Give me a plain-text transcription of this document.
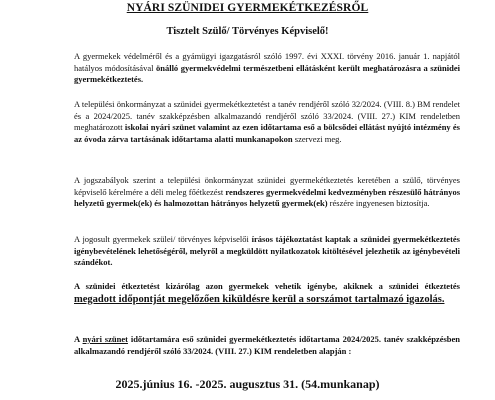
NYÁRI SZÜNIDEI GYERMEKÉTKEZÉSRŐL
Tisztelt Szülő/ Törvényes Képviselő!
A gyermekek védelméről és a gyámügyi igazgatásról szóló 1997. évi XXXI. törvény 2016. január 1. napjától hatályos módosításával önálló gyermekvédelmi természetbeni ellátásként került meghatározásra a szünidei gyermekétkeztetés.
A települési önkormányzat a szünidei gyermekétkeztetést a tanév rendjéről szóló 32/2024. (VIII. 8.) BM rendelet és a 2024/2025. tanév szakképzésben alkalmazandó rendjéről szóló 33/2024. (VIII. 27.) KIM rendeletben meghatározott iskolai nyári szünet valamint az ezen időtartama eső a bölcsődei ellátást nyújtó intézmény és az óvoda zárva tartásának időtartama alatti munkanapokon szervezi meg.
A jogszabályok szerint a települési önkormányzat szünidei gyermekétkeztetés keretében a szülő, törvényes képviselő kérelmére a déli meleg főétkezést rendszeres gyermekvédelmi kedvezményben részesülő hátrányos helyzetű gyermek(ek) és halmozottan hátrányos helyzetű gyermek(ek) részére ingyenesen biztosítja.
A jogosult gyermekek szülei/ törvényes képviselői írásos tájékoztatást kaptak a szünidei gyermekétkeztetés igénybevételének lehetőségéről, melyről a megküldött nyilatkozatok kitöltésével jelezhetik az igénybevételi szándékot.
A szünidei étkeztetést kizárólag azon gyermekek vehetik igénybe, akiknek a szünidei étkeztetés megadott időpontját megelőzően kiküldésre kerül a sorszámot tartalmazó igazolás.
A nyári szünet időtartamára eső szünidei gyermekétkeztetés időtartama 2024/2025. tanév szakképzésben alkalmazandó rendjéről szóló 33/2024. (VIII. 27.) KIM rendeletben alapján :
2025.június 16. -2025. augusztus 31. (54.munkanap)
